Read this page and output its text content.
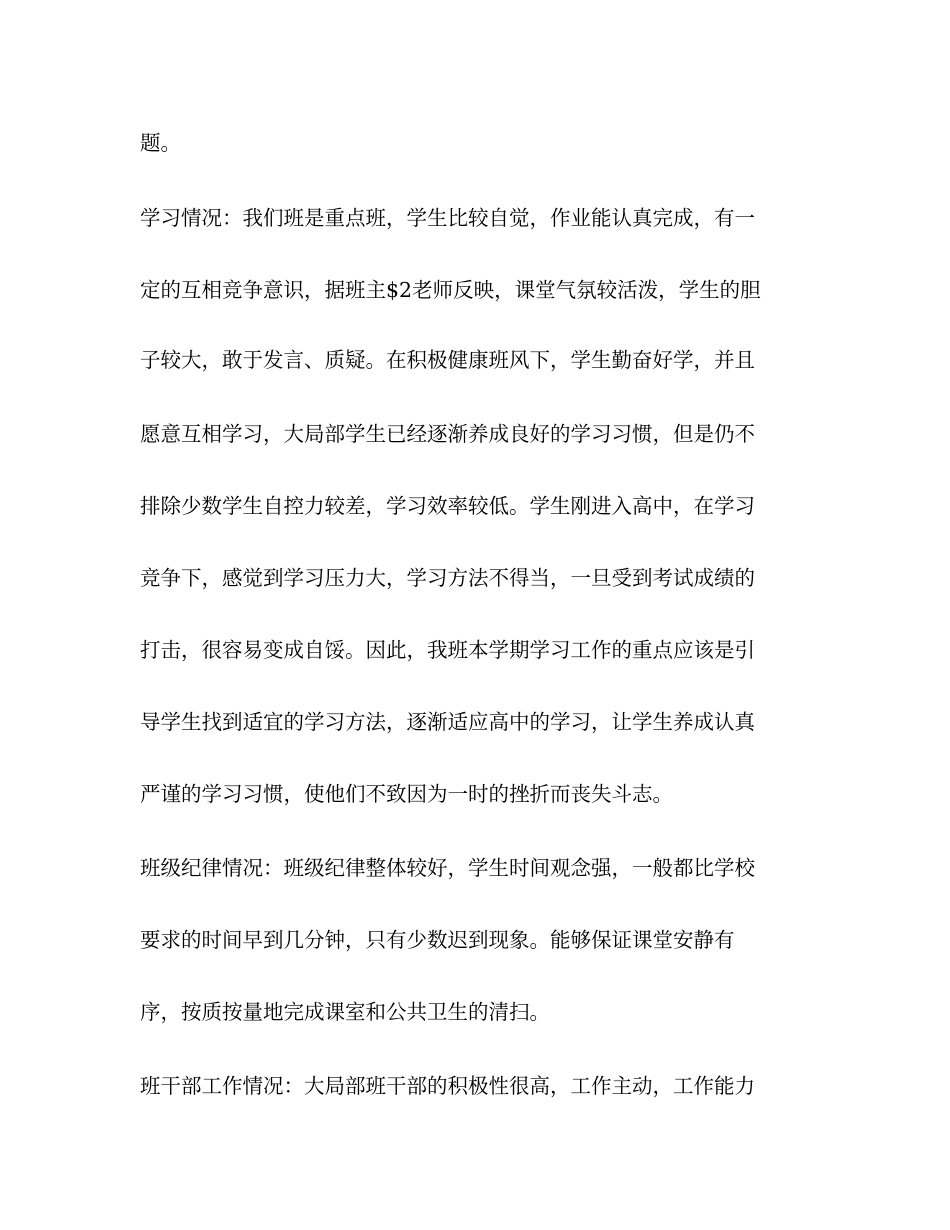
题。
学习情况：我们班是重点班，学生比较自觉，作业能认真完成，有一
定的互相竞争意识，据班主$2老师反映，课堂气氛较活泼，学生的胆
子较大，敢于发言、质疑。在积极健康班风下，学生勤奋好学，并且
愿意互相学习，大局部学生已经逐渐养成良好的学习习惯，但是仍不
排除少数学生自控力较差，学习效率较低。学生刚进入高中，在学习
竞争下，感觉到学习压力大，学习方法不得当，一旦受到考试成绩的
打击，很容易变成自馁。因此，我班本学期学习工作的重点应该是引
导学生找到适宜的学习方法，逐渐适应高中的学习，让学生养成认真
严谨的学习习惯，使他们不致因为一时的挫折而丧失斗志。
班级纪律情况：班级纪律整体较好，学生时间观念强，一般都比学校
要求的时间早到几分钟，只有少数迟到现象。能够保证课堂安静有
序，按质按量地完成课室和公共卫生的清扫。
班干部工作情况：大局部班干部的积极性很高，工作主动，工作能力
